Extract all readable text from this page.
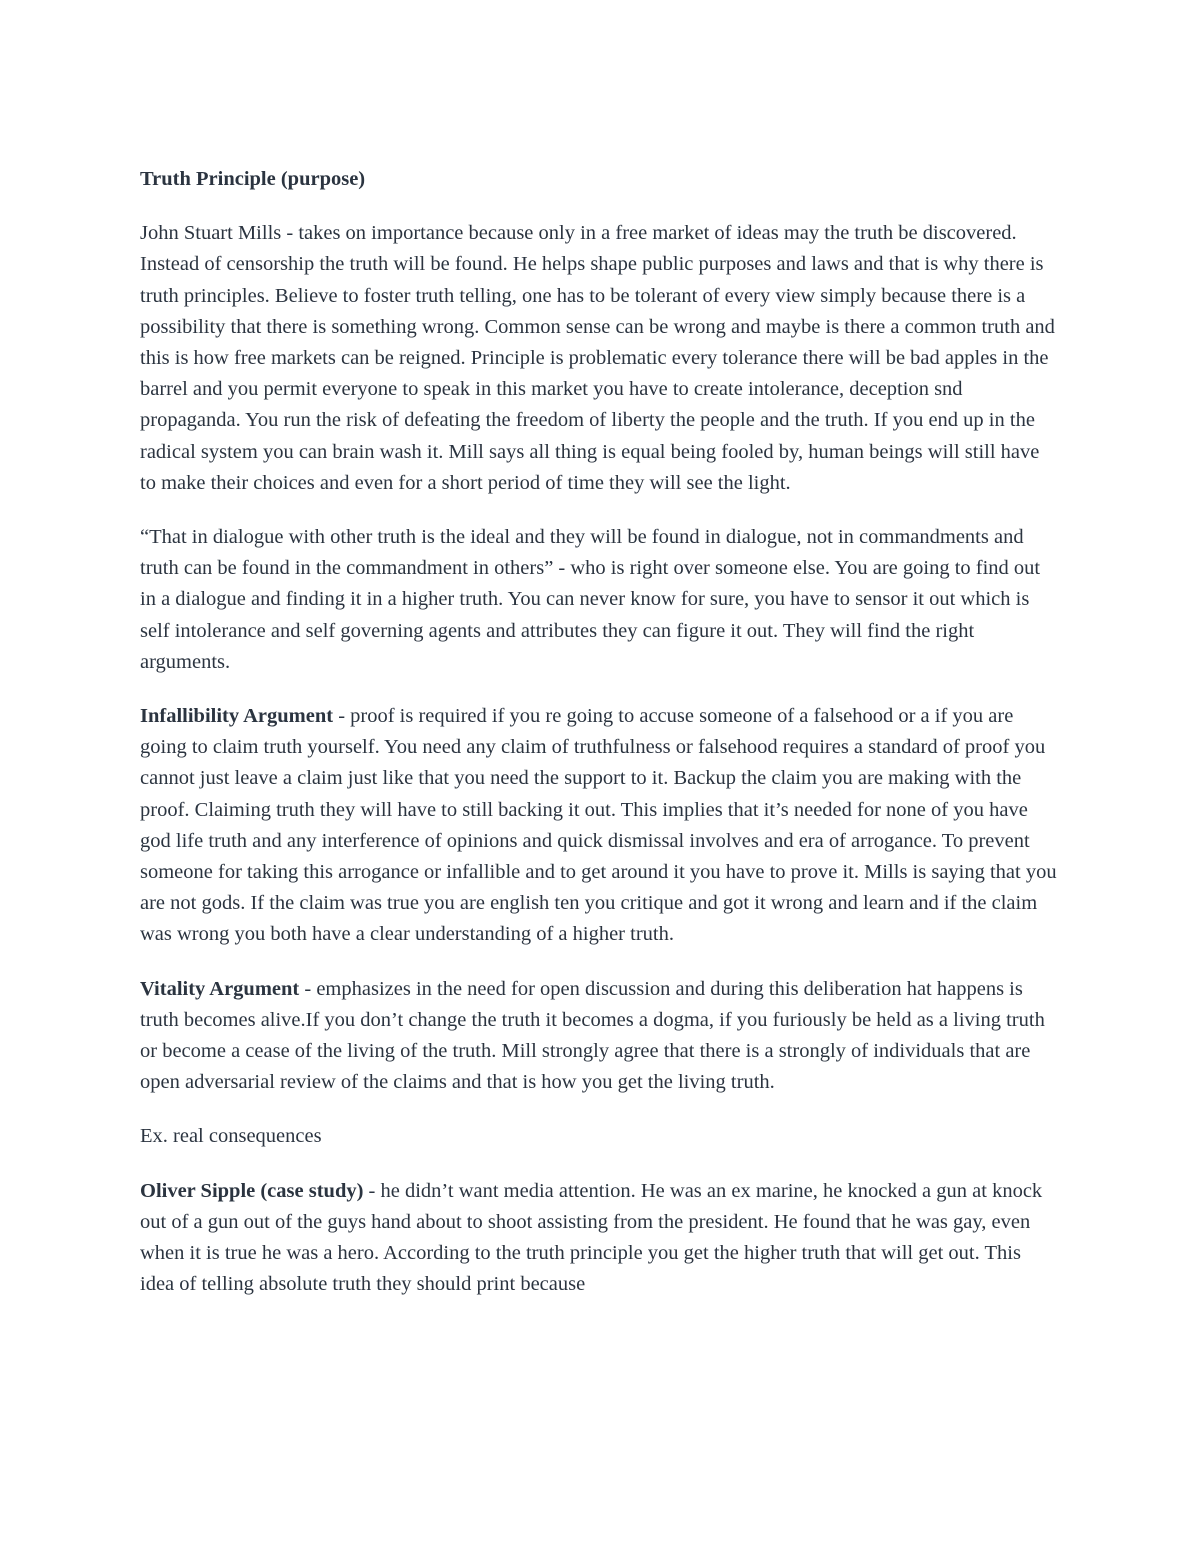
Truth Principle (purpose)

John Stuart Mills - takes on importance because only in a free market of ideas may the truth be discovered. Instead of censorship the truth will be found. He helps shape public purposes and laws and that is why there is truth principles. Believe to foster truth telling, one has to be tolerant of every view simply because there is a possibility that there is something wrong. Common sense can be wrong and maybe is there a common truth and this is how free markets can be reigned. Principle is problematic every tolerance there will be bad apples in the barrel and you permit everyone to speak in this market you have to create intolerance, deception snd propaganda. You run the risk of defeating the freedom of liberty the people and the truth. If you end up in the radical system you can brain wash it. Mill says all thing is equal being fooled by, human beings will still have to make their choices and even for a short period of time they will see the light.

“That in dialogue with other truth is the ideal and they will be found in dialogue, not in commandments and truth can be found in the commandment in others” - who is right over someone else. You are going to find out in a dialogue and finding it in a higher truth. You can never know for sure, you have to sensor it out which is self intolerance and self governing agents and attributes they can figure it out. They will find the right arguments.

Infallibility Argument - proof is required if you re going to accuse someone of a falsehood or a if you are going to claim truth yourself. You need any claim of truthfulness or falsehood requires a standard of proof you cannot just leave a claim just like that you need the support to it. Backup the claim you are making with the proof. Claiming truth they will have to still backing it out. This implies that it’s needed for none of you have god life truth and any interference of opinions and quick dismissal involves and era of arrogance. To prevent someone for taking this arrogance or infallible and to get around it you have to prove it. Mills is saying that you are not gods. If the claim was true you are english ten you critique and got it wrong and learn and if the claim was wrong you both have a clear understanding of a higher truth.

Vitality Argument - emphasizes in the need for open discussion and during this deliberation hat happens is truth becomes alive.If you don’t change the truth it becomes a dogma, if you furiously be held as a living truth or become a cease of the living of the truth. Mill strongly agree that there is a strongly of individuals that are open adversarial review of the claims and that is how you get the living truth.

Ex. real consequences

Oliver Sipple (case study) - he didn’t want media attention. He was an ex marine, he knocked a gun at knock out of a gun out of the guys hand about to shoot assisting from the president. He found that he was gay, even when it is true he was a hero. According to the truth principle you get the higher truth that will get out. This idea of telling absolute truth they should print because
